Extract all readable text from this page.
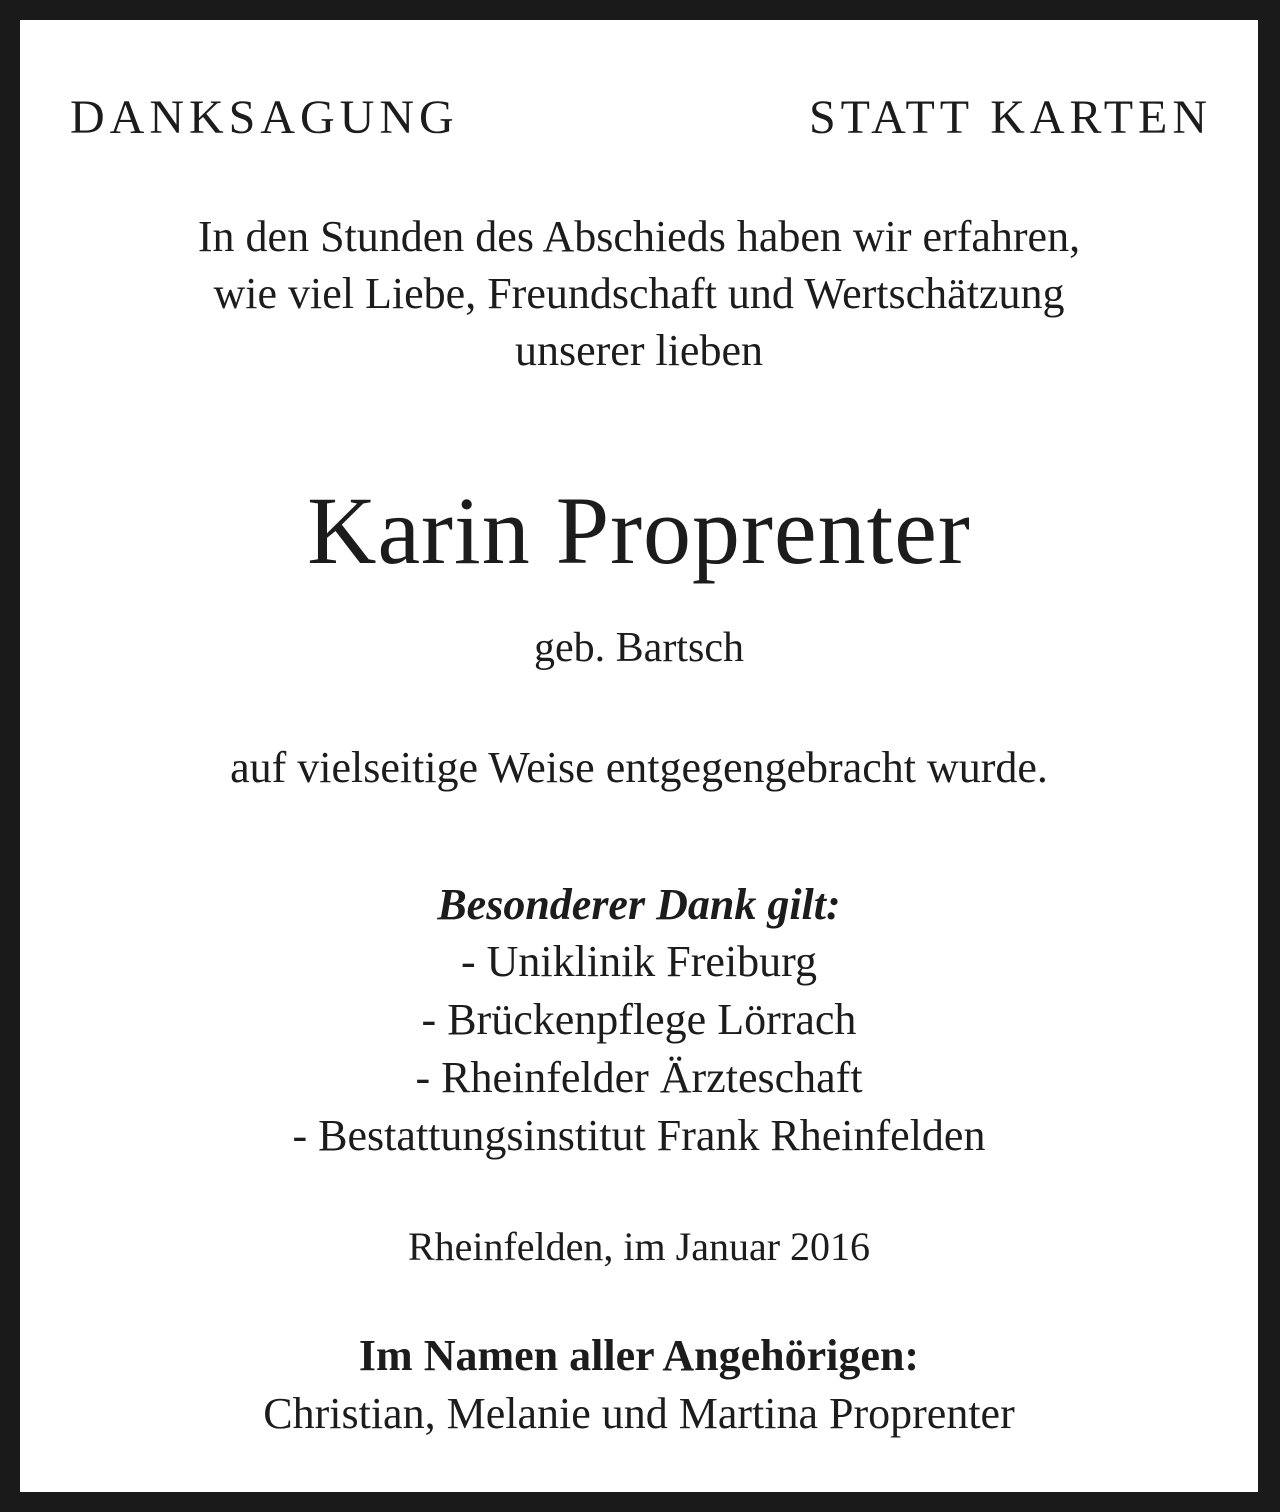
DANKSAGUNG	STATT KARTEN
In den Stunden des Abschieds haben wir erfahren,
wie viel Liebe, Freundschaft und Wertschätzung
unserer lieben
Karin Proprenter
geb. Bartsch
auf vielseitige Weise entgegengebracht wurde.
Besonderer Dank gilt:
- Uniklinik Freiburg
- Brückenpflege Lörrach
- Rheinfelder Ärzteschaft
- Bestattungsinstitut Frank Rheinfelden
Rheinfelden, im Januar 2016
Im Namen aller Angehörigen:
Christian, Melanie und Martina Proprenter
